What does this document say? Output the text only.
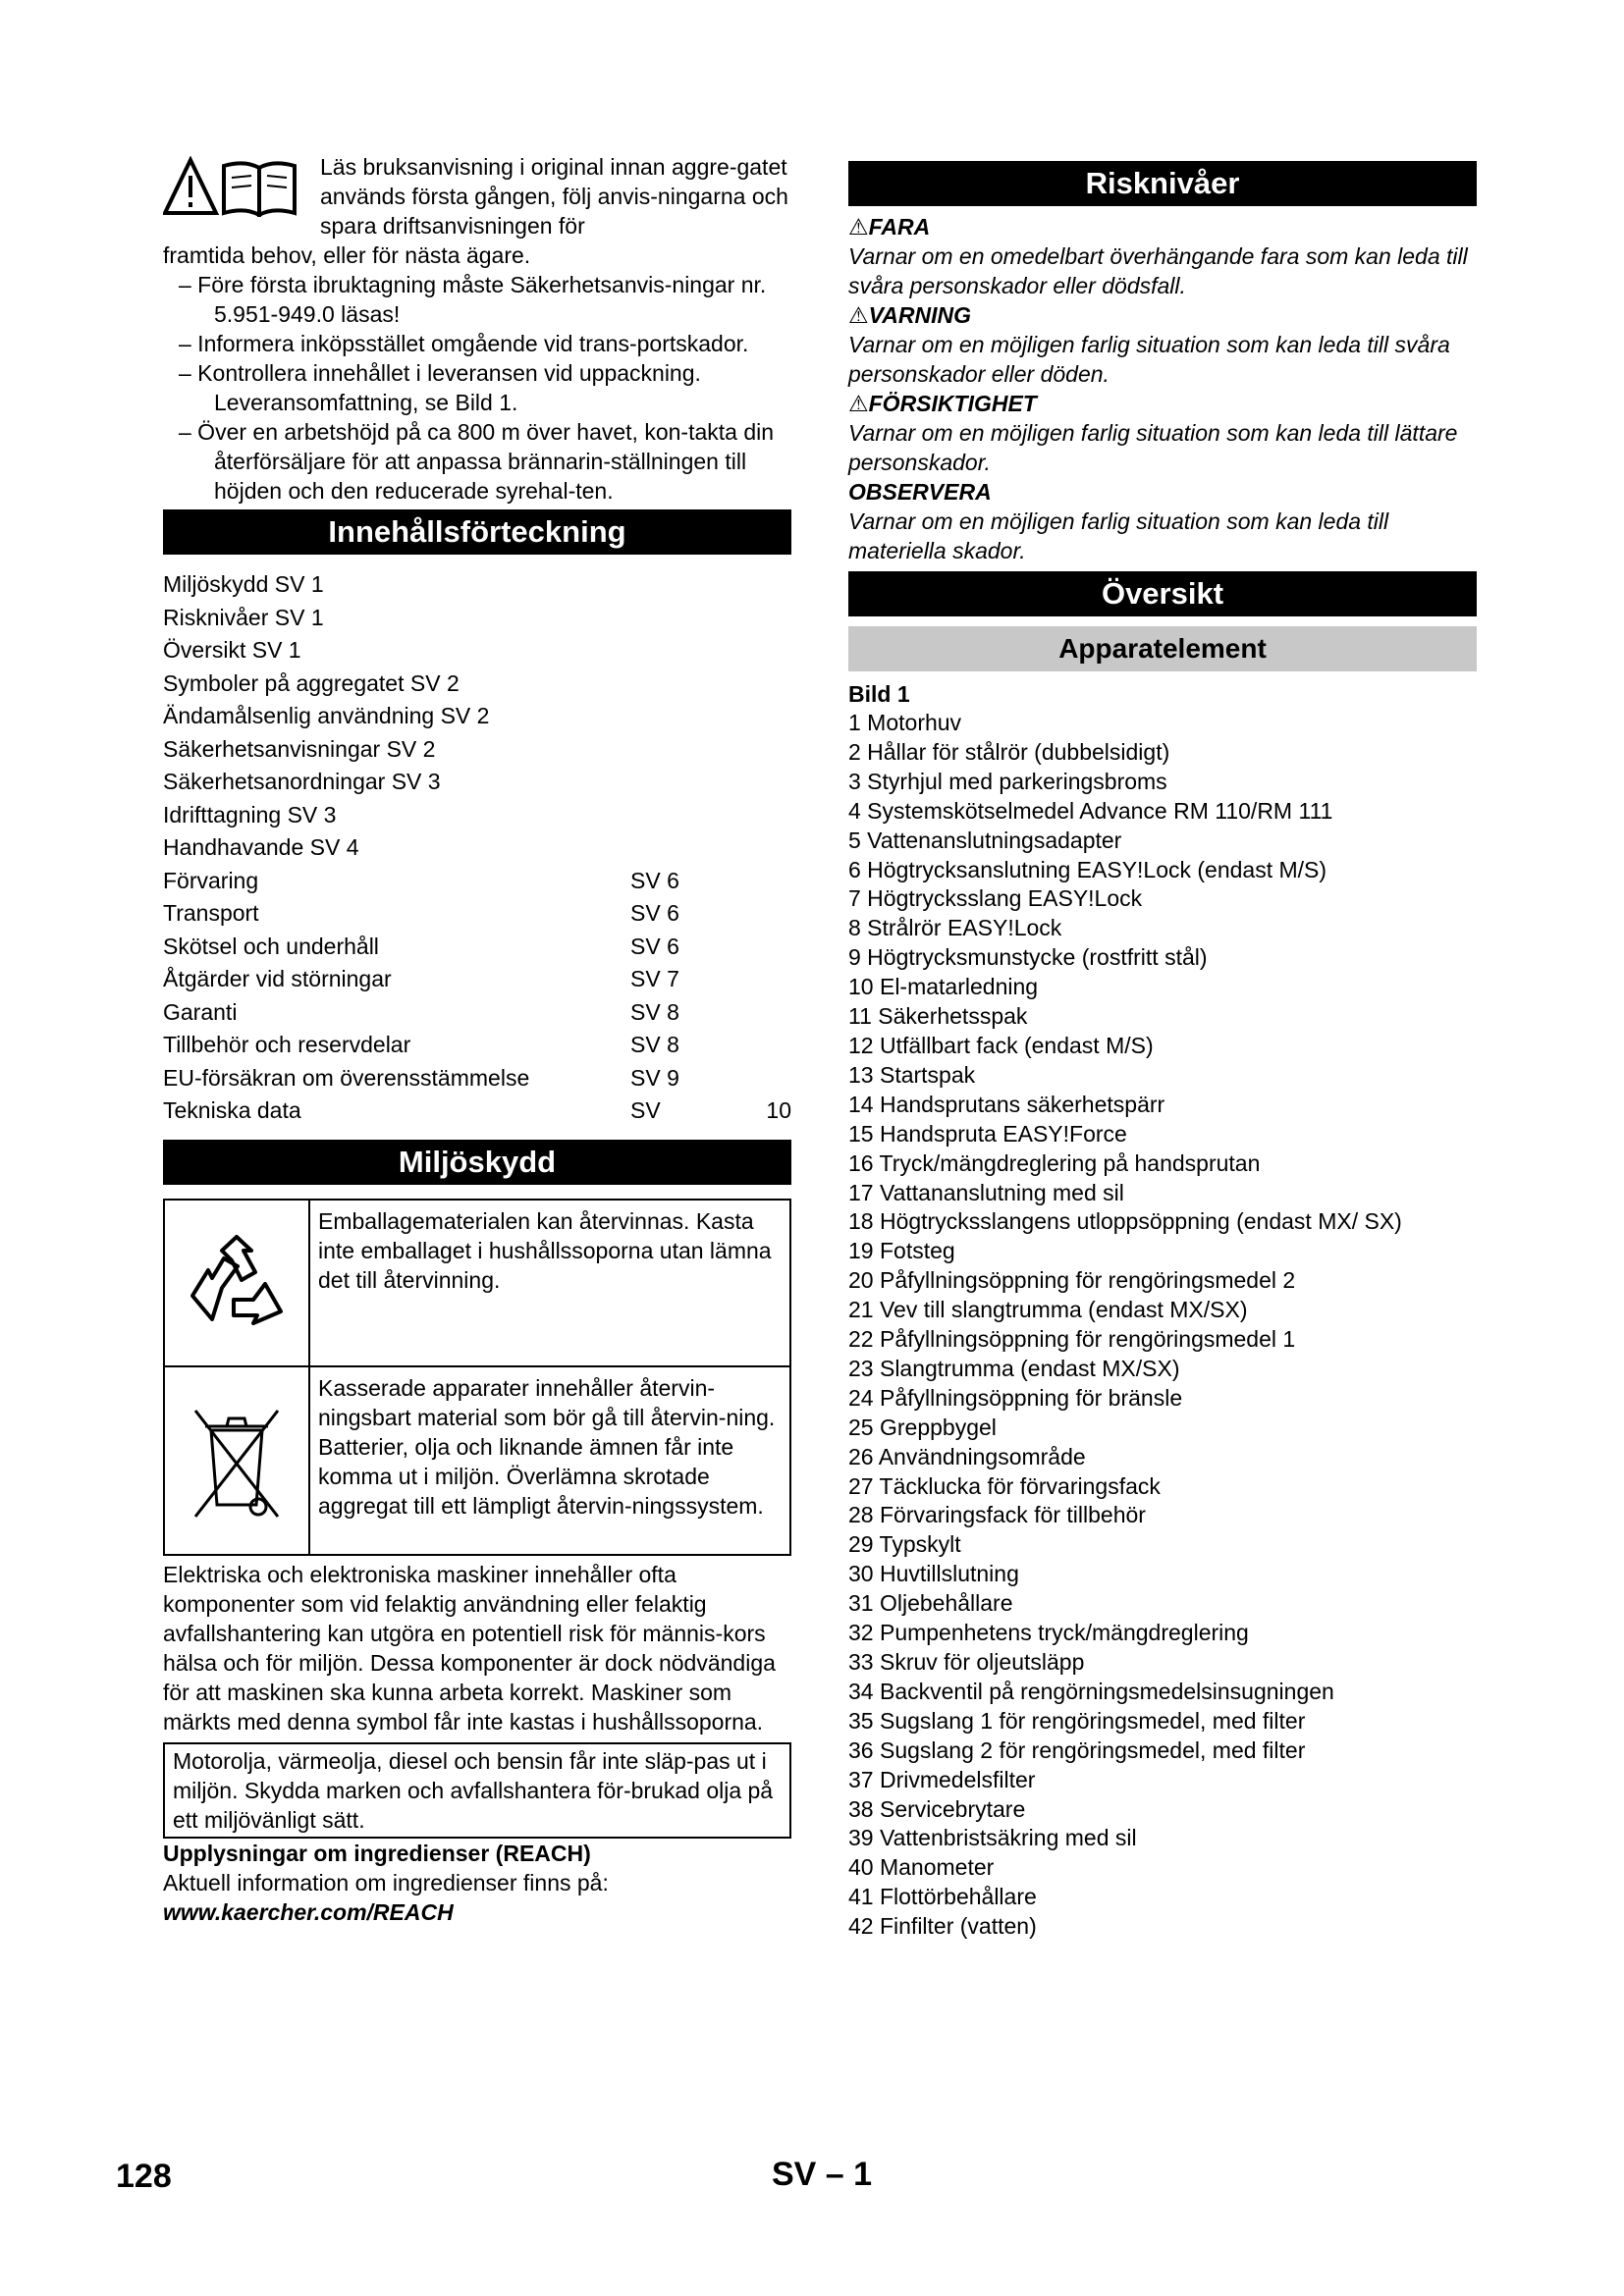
Läs bruksanvisning i original innan aggre-gatet används första gången, följ anvis-ningarna och spara driftsanvisningen för

framtida behov, eller för nästa ägare.

– Före första ibruktagning måste Säkerhetsanvis-ningar nr. 5.951-949.0 läsas!
– Informera inköpsstället omgående vid trans-portskador.
– Kontrollera innehållet i leveransen vid uppackning. Leveransomfattning, se Bild 1.
– Över en arbetshöjd på ca 800 m över havet, kon-takta din återförsäljare för att anpassa brännarin-ställningen till höjden och den reducerade syrehal-ten.
Innehållsförteckning
Miljöskydd SV 1
Risknivåer SV 1
Översikt SV 1
Symboler på aggregatet SV 2
Ändamålsenlig användning SV 2
Säkerhetsanvisningar SV 2
Säkerhetsanordningar SV 3
Idrifttagning SV 3
Handhavande SV 4
Förvaring	SV 6
Transport	SV 6
Skötsel och underhåll	SV 6
Åtgärder vid störningar	SV 7
Garanti	SV 8
Tillbehör och reservdelar	SV 8
EU-försäkran om överensstämmelse	SV 9
Tekniska data	SV	10
Miljöskydd
Emballagematerialen kan återvinnas. Kasta inte emballaget i hushållssoporna utan lämna det till återvinning.
Kasserade apparater innehåller återvin-ningsbart material som bör gå till återvin-ning. Batterier, olja och liknande ämnen får inte komma ut i miljön. Överlämna skrotade aggregat till ett lämpligt återvin-ningssystem.

Elektriska och elektroniska maskiner innehåller ofta komponenter som vid felaktig användning eller felaktig avfallshantering kan utgöra en potentiell risk för männis-kors hälsa och för miljön. Dessa komponenter är dock nödvändiga för att maskinen ska kunna arbeta korrekt. Maskiner som märkts med denna symbol får inte kastas i hushållssoporna.

Motorolja, värmeolja, diesel och bensin får inte släp-pas ut i miljön. Skydda marken och avfallshantera för-brukad olja på ett miljövänligt sätt.

Upplysningar om ingredienser (REACH)

Aktuell information om ingredienser finns på:

www.kaercher.com/REACH

Risknivåer

⚠FARA

Varnar om en omedelbart överhängande fara som kan leda till svåra personskador eller dödsfall.

⚠VARNING

Varnar om en möjligen farlig situation som kan leda till svåra personskador eller döden.

⚠FÖRSIKTIGHET

Varnar om en möjligen farlig situation som kan leda till lättare personskador.

OBSERVERA

Varnar om en möjligen farlig situation som kan leda till materiella skador.

Översikt
Apparatelement

Bild 1

1 Motorhuv
2 Hållar för stålrör (dubbelsidigt)
3 Styrhjul med parkeringsbroms
4 Systemskötselmedel Advance RM 110/RM 111
5 Vattenanslutningsadapter
6 Högtrycksanslutning EASY!Lock (endast M/S)
7 Högtrycksslang EASY!Lock
8 Strålrör EASY!Lock
9 Högtrycksmunstycke (rostfritt stål)
10 El-matarledning
11 Säkerhetsspak
12 Utfällbart fack (endast M/S)
13 Startspak
14 Handsprutans säkerhetspärr
15 Handspruta EASY!Force
16 Tryck/mängdreglering på handsprutan
17 Vattananslutning med sil
18 Högtrycksslangens utloppsöppning (endast MX/ SX)
19 Fotsteg
20 Påfyllningsöppning för rengöringsmedel 2
21 Vev till slangtrumma (endast MX/SX)
22 Påfyllningsöppning för rengöringsmedel 1
23 Slangtrumma (endast MX/SX)
24 Påfyllningsöppning för bränsle
25 Greppbygel
26 Användningsområde
27 Täcklucka för förvaringsfack
28 Förvaringsfack för tillbehör
29 Typskylt
30 Huvtillslutning
31 Oljebehållare
32 Pumpenhetens tryck/mängdreglering
33 Skruv för oljeutsläpp
34 Backventil på rengörningsmedelsinsugningen
35 Sugslang 1 för rengöringsmedel, med filter
36 Sugslang 2 för rengöringsmedel, med filter
37 Drivmedelsfilter
38 Servicebrytare
39 Vattenbristsäkring med sil
40 Manometer
41 Flottörbehållare
42 Finfilter (vatten)
128	SV – 1
